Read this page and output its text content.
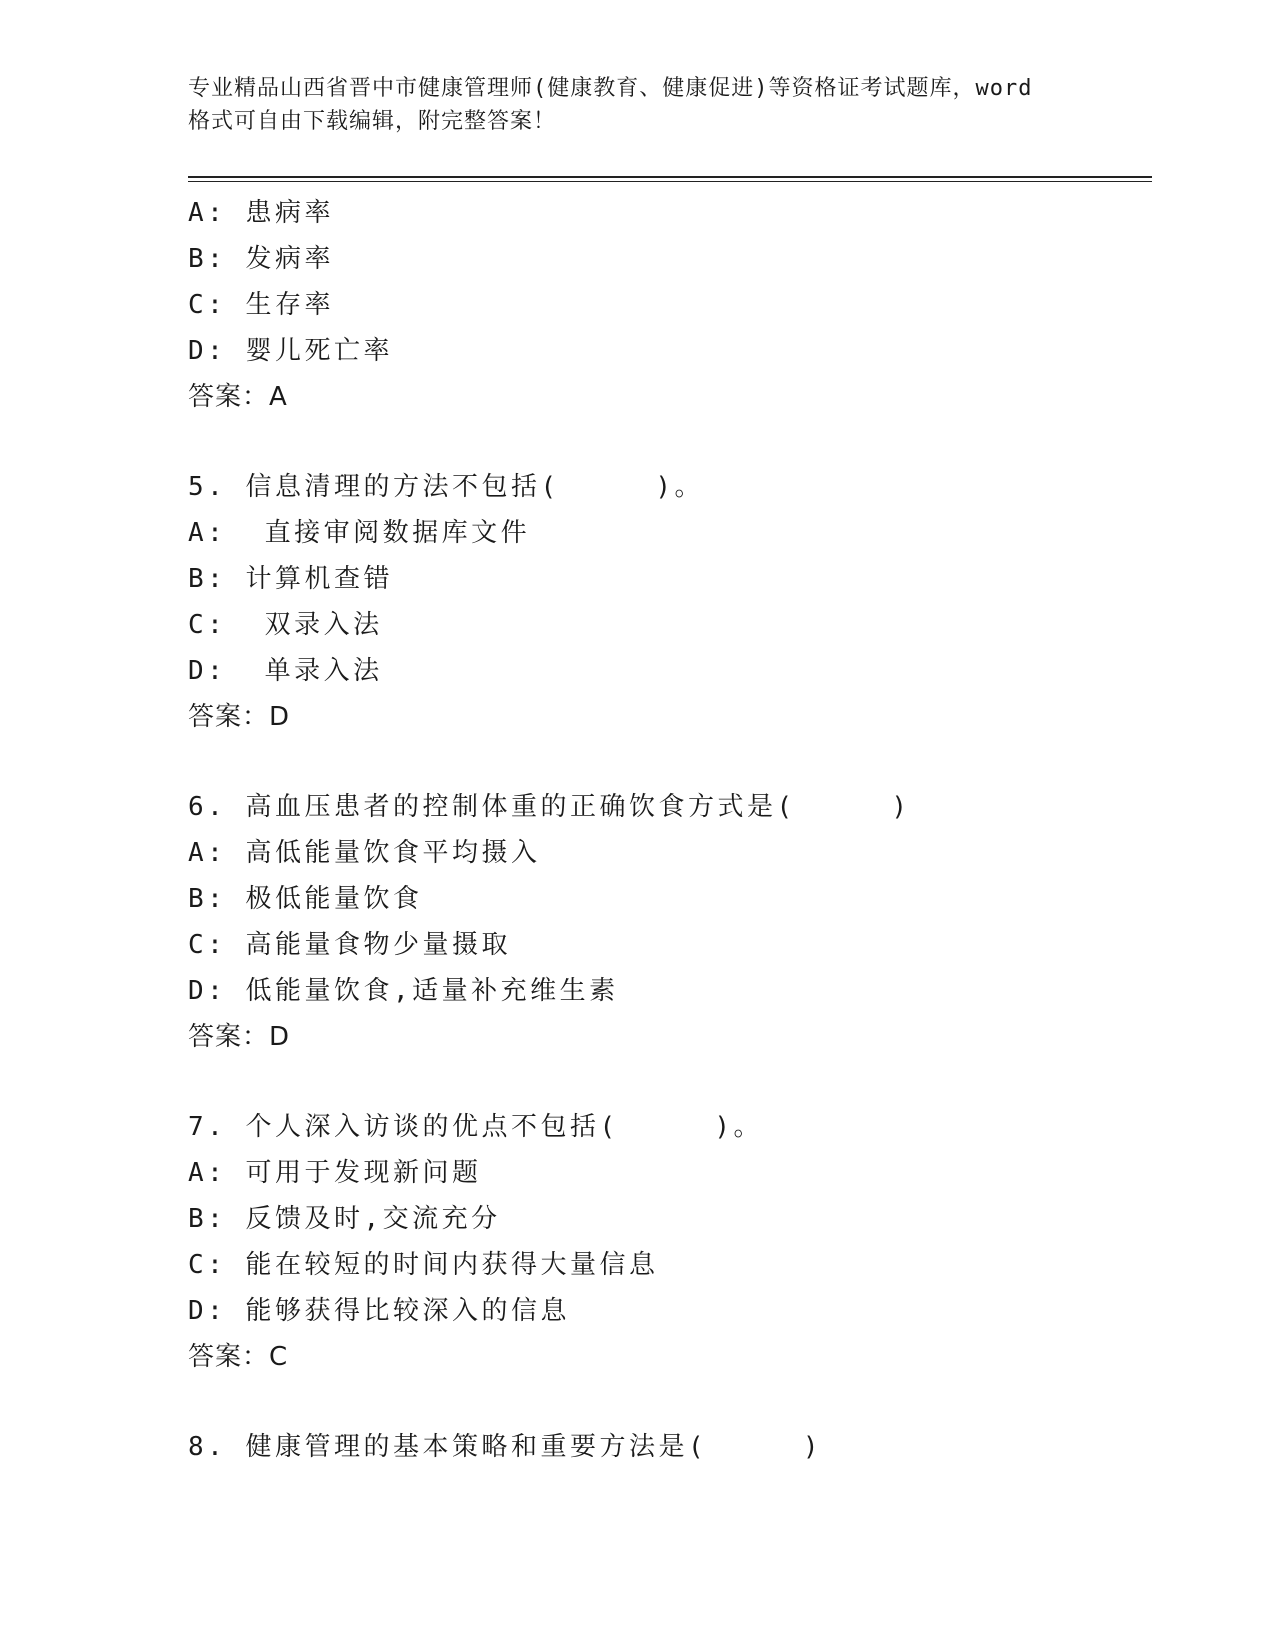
专业精品山西省晋中市健康管理师(健康教育、健康促进)等资格证考试题库，word
格式可自由下载编辑，附完整答案！
A: 患病率
B: 发病率
C: 生存率
D: 婴儿死亡率
答案：A
5. 信息清理的方法不包括(     )。
A:  直接审阅数据库文件
B: 计算机查错
C:  双录入法
D:  单录入法
答案：D
6. 高血压患者的控制体重的正确饮食方式是(     )
A: 高低能量饮食平均摄入
B: 极低能量饮食
C: 高能量食物少量摄取
D: 低能量饮食,适量补充维生素
答案：D
7. 个人深入访谈的优点不包括(     )。
A: 可用于发现新问题
B: 反馈及时,交流充分
C: 能在较短的时间内获得大量信息
D: 能够获得比较深入的信息
答案：C
8. 健康管理的基本策略和重要方法是(     )
